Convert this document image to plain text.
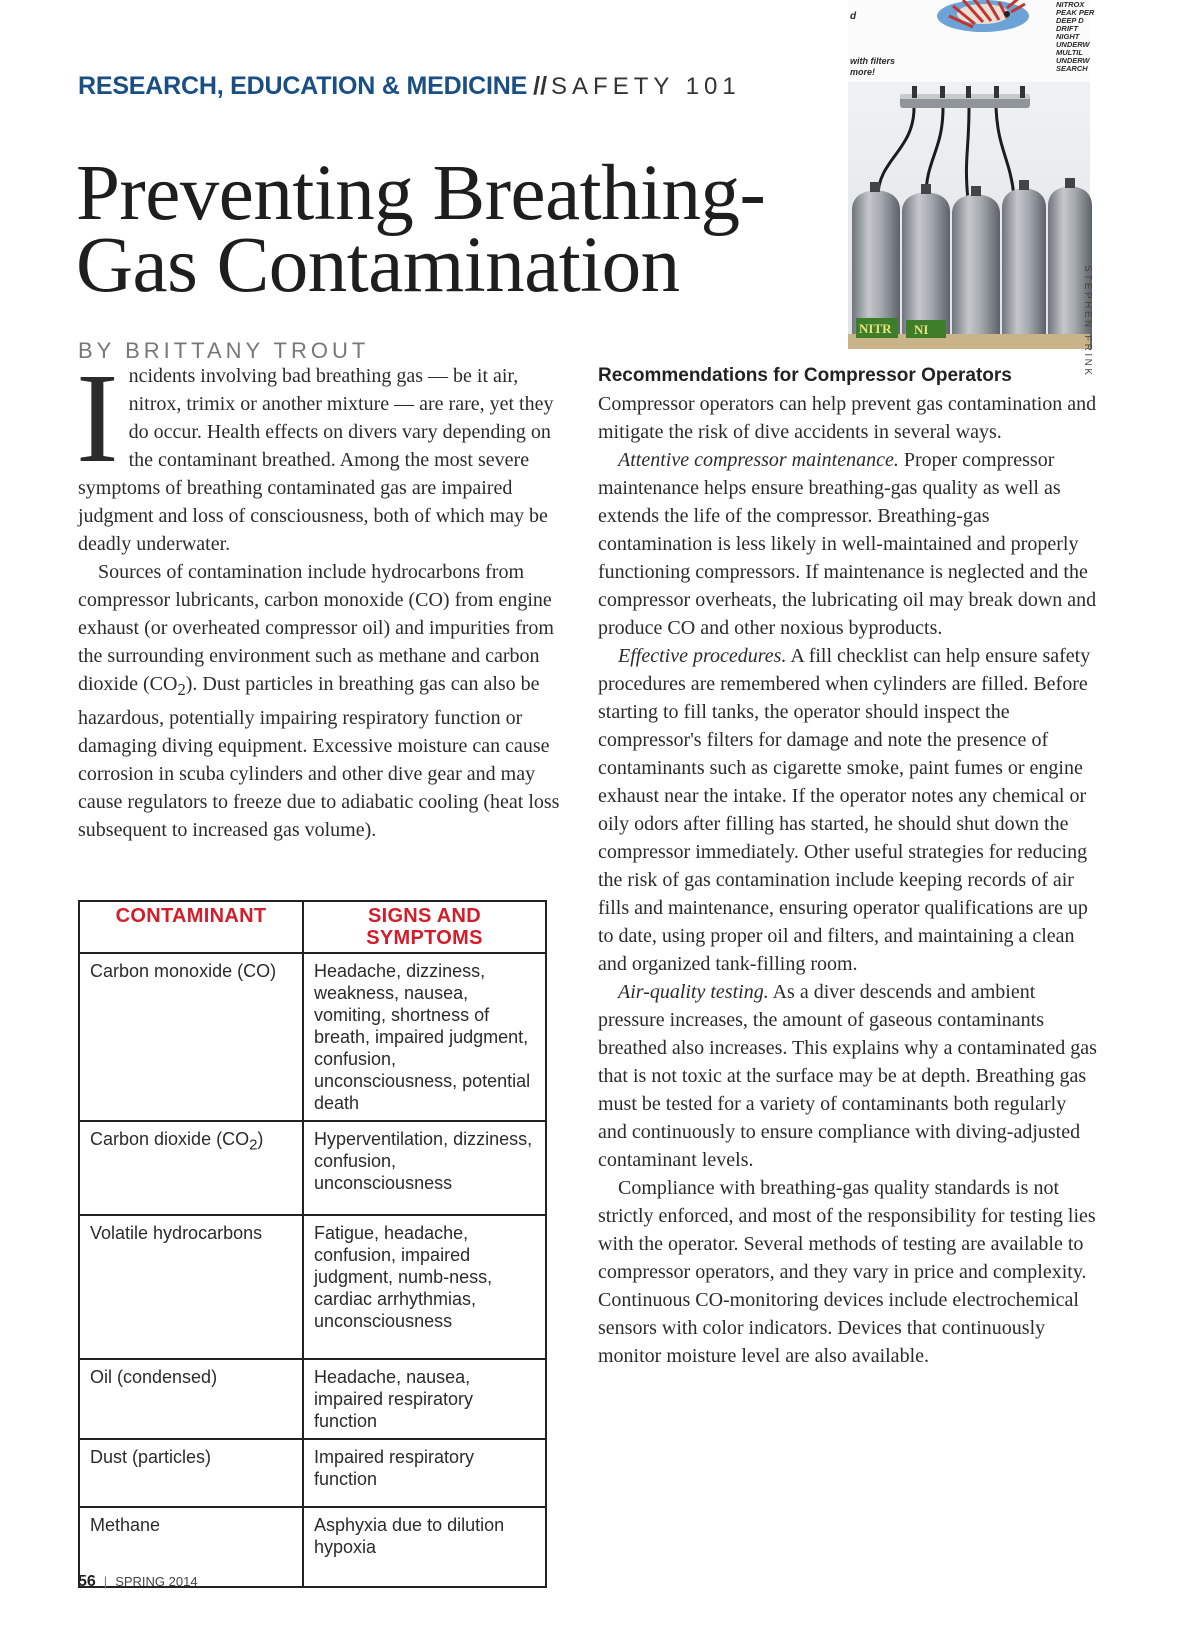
RESEARCH, EDUCATION & MEDICINE // SAFETY 101
Preventing Breathing-
Gas Contamination
d
with filters
more!
NITROX
PEAK PER
DEEP D
DRIFT
NIGHT
UNDERW
MULTIL
UNDERW
SEARCH
NITR NI	STEPHEN FRINK
BY BRITTANY TROUT

Incidents involving bad breathing gas — be it air, nitrox, trimix or another mixture — are rare, yet they do occur. Health effects on divers vary depending on the contaminant breathed. Among the most severe symptoms of breathing contaminated gas are impaired judgment and loss of consciousness, both of which may be deadly underwater.

Sources of contamination include hydrocarbons from compressor lubricants, carbon monoxide (CO) from engine exhaust (or overheated compressor oil) and impurities from the surrounding environment such as methane and carbon dioxide $(CO_2)$. Dust particles in breathing gas can also be hazardous, potentially impairing respiratory function or damaging diving equipment. Excessive moisture can cause corrosion in scuba cylinders and other dive gear and may cause regulators to freeze due to adiabatic cooling (heat loss subsequent to increased gas volume).

CONTAMINANT	SIGNS AND SYMPTOMS
Carbon monoxide (CO)	Headache, dizziness, weakness, nausea, vomiting, shortness of breath, impaired judgment, confusion, unconsciousness, potential death
Carbon dioxide $(CO_2)$	Hyperventilation, dizziness, confusion, unconsciousness
Volatile hydrocarbons	Fatigue, headache, confusion, impaired judgment, numb-ness, cardiac arrhythmias, unconsciousness
Oil (condensed)	Headache, nausea, impaired respiratory function
Dust (particles)	Impaired respiratory function
Methane	Asphyxia due to dilution hypoxia

Recommendations for Compressor Operators

Compressor operators can help prevent gas contamination and mitigate the risk of dive accidents in several ways.

Attentive compressor maintenance. Proper compressor maintenance helps ensure breathing-gas quality as well as extends the life of the compressor. Breathing-gas contamination is less likely in well-maintained and properly functioning compressors. If maintenance is neglected and the compressor overheats, the lubricating oil may break down and produce CO and other noxious byproducts.

Effective procedures. A fill checklist can help ensure safety procedures are remembered when cylinders are filled. Before starting to fill tanks, the operator should inspect the compressor's filters for damage and note the presence of contaminants such as cigarette smoke, paint fumes or engine exhaust near the intake. If the operator notes any chemical or oily odors after filling has started, he should shut down the compressor immediately. Other useful strategies for reducing the risk of gas contamination include keeping records of air fills and maintenance, ensuring operator qualifications are up to date, using proper oil and filters, and maintaining a clean and organized tank-filling room.

Air-quality testing. As a diver descends and ambient pressure increases, the amount of gaseous contaminants breathed also increases. This explains why a contaminated gas that is not toxic at the surface may be at depth. Breathing gas must be tested for a variety of contaminants both regularly and continuously to ensure compliance with diving-adjusted contaminant levels.

Compliance with breathing-gas quality standards is not strictly enforced, and most of the responsibility for testing lies with the operator. Several methods of testing are available to compressor operators, and they vary in price and complexity. Continuous CO-monitoring devices include electrochemical sensors with color indicators. Devices that continuously monitor moisture level are also available.

56 | SPRING 2014
